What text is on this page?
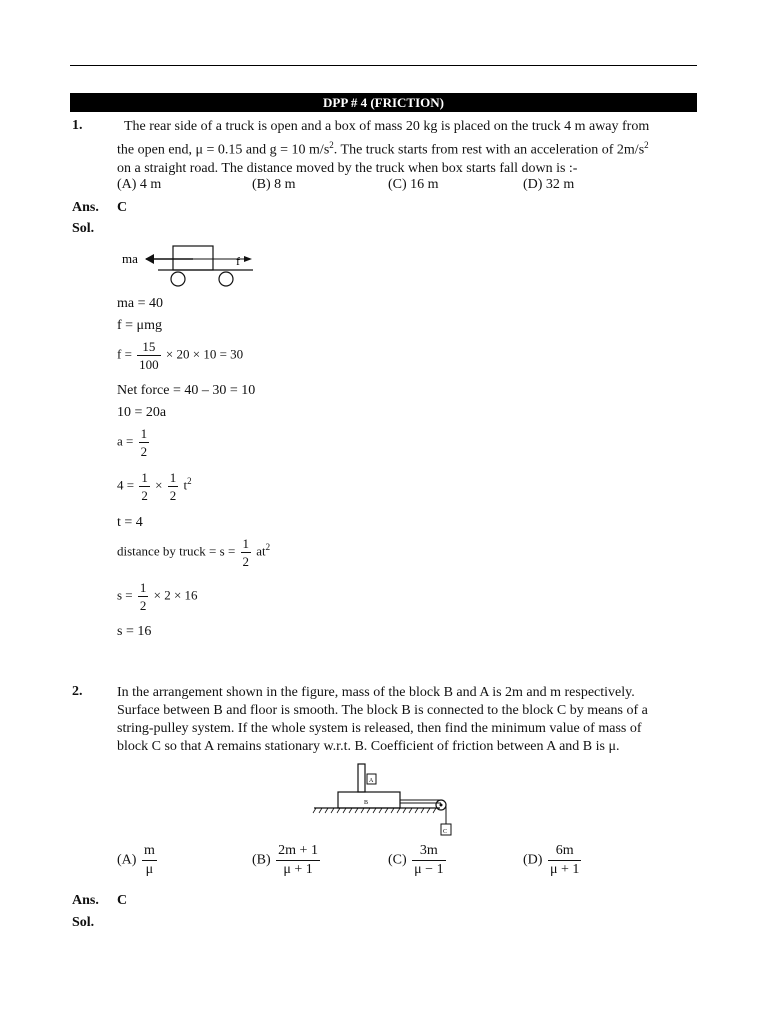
DPP # 4 (FRICTION)
1.	The rear side of a truck is open and a box of mass 20 kg is placed on the truck 4 m away from
the open end, μ = 0.15 and g = 10 $m/s^2$. The truck starts from rest with an acceleration of $2m/s^2$
on a straight road. The distance moved by the truck when box starts fall down is :-
(A) 4 m	(B) 8 m	(C) 16 m	(D) 32 m
Ans. C
Sol.
ma	f
ma = 40
f = μmg
$f = \frac{15}{100} \times 20 \times 10 = 30$
Net force = 40 – 30 = 10
10 = 20a
$a = \frac{1}{2}$
$4 = \frac{1}{2} \times \frac{1}{2} t^2$
t = 4
distance by truck = $s = \frac{1}{2} at^2$
$s = \frac{1}{2} \times 2 \times 16$
s = 16
2. In the arrangement shown in the figure, mass of the block B and A is 2m and m respectively.
Surface between B and floor is smooth. The block B is connected to the block C by means of a
string-pulley system. If the whole system is released, then find the minimum value of mass of
block C so that A remains stationary w.r.t. B. Coefficient of friction between A and B is μ.
A
B
C
$(A) \frac{m}{\mu}$	$(B) \frac{2m + 1}{\mu + 1}$	$(C) \frac{3m}{\mu - 1}$	$(D) \frac{6m}{\mu + 1}$
Ans. C
Sol.
